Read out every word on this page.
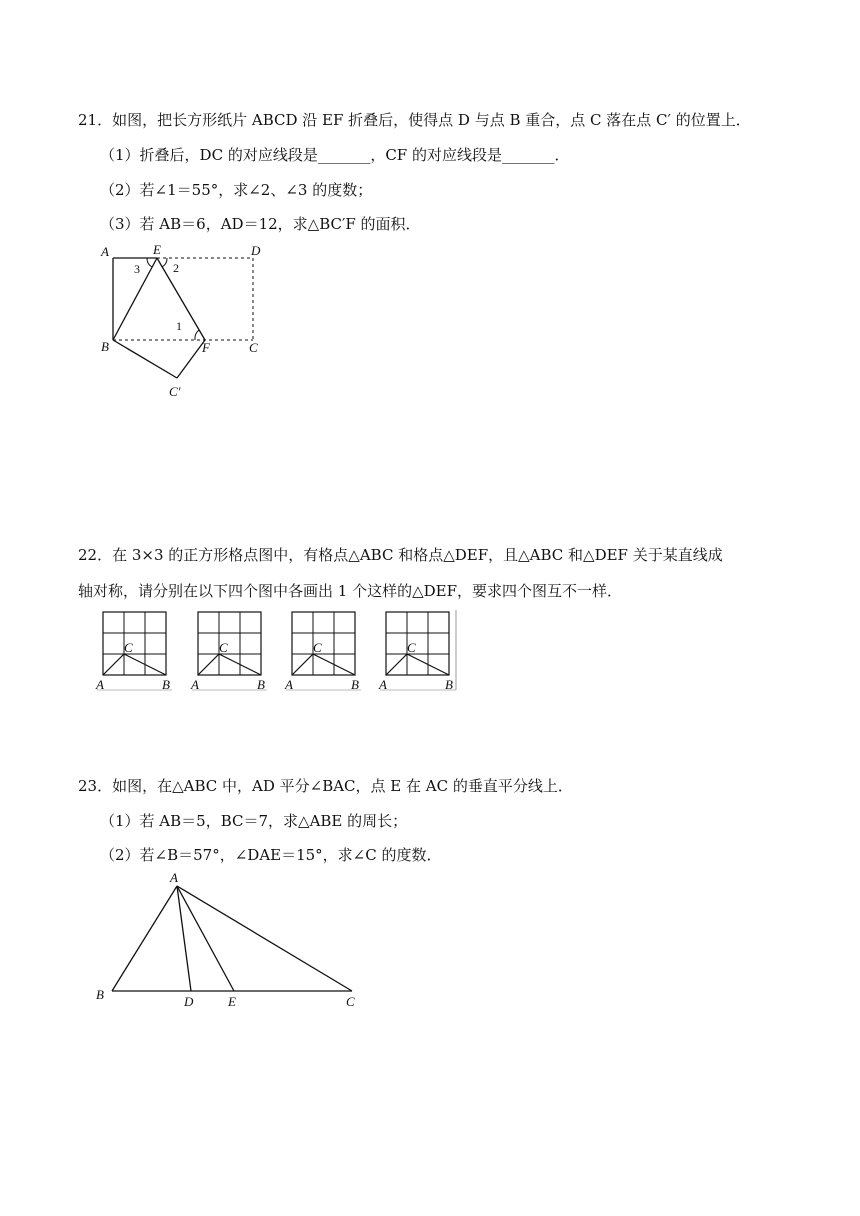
21．如图，把长方形纸片 ABCD 沿 EF 折叠后，使得点 D 与点 B 重合，点 C 落在点 C′ 的位置上．
（1）折叠后，DC 的对应线段是_______，CF 的对应线段是_______．
（2）若∠1＝55°，求∠2、∠3 的度数；
（3）若 AB＝6，AD＝12，求△BC′F 的面积．
A	E	D
B	F	C
C′
3	2
1
22．在 3×3 的正方形格点图中，有格点△ABC 和格点△DEF，且△ABC 和△DEF 关于某直线成
轴对称，请分别在以下四个图中各画出 1 个这样的△DEF，要求四个图互不一样．
A	B
C
A	B
C
A	B
C
A	B
C
23．如图，在△ABC 中，AD 平分∠BAC，点 E 在 AC 的垂直平分线上．
（1）若 AB＝5，BC＝7，求△ABE 的周长；
（2）若∠B＝57°，∠DAE＝15°，求∠C 的度数．
A
B	D	E	C
